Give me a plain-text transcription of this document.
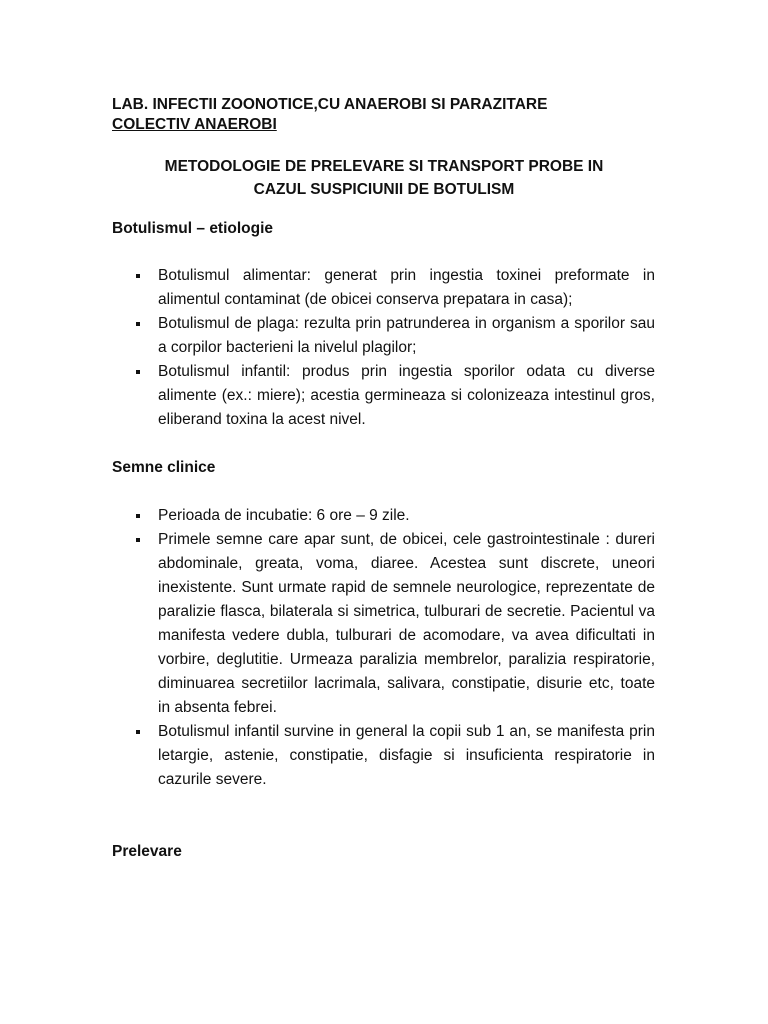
LAB. INFECTII ZOONOTICE,CU ANAEROBI SI PARAZITARE
COLECTIV ANAEROBI
METODOLOGIE DE PRELEVARE SI TRANSPORT PROBE IN
CAZUL SUSPICIUNII DE BOTULISM
Botulismul – etiologie
Botulismul alimentar: generat prin ingestia toxinei preformate in alimentul contaminat (de obicei conserva prepatara in casa);
Botulismul de plaga: rezulta prin patrunderea in organism a sporilor sau a corpilor bacterieni la nivelul plagilor;
Botulismul infantil: produs prin ingestia sporilor odata cu diverse alimente (ex.: miere); acestia germineaza si colonizeaza intestinul gros, eliberand toxina la acest nivel.
Semne clinice
Perioada de incubatie: 6 ore – 9 zile.
Primele semne care apar sunt, de obicei, cele gastrointestinale : dureri abdominale, greata, voma, diaree. Acestea sunt discrete, uneori inexistente. Sunt urmate rapid de semnele neurologice, reprezentate de paralizie flasca, bilaterala si simetrica, tulburari de secretie. Pacientul va manifesta vedere dubla, tulburari de acomodare, va avea dificultati in vorbire, deglutitie. Urmeaza paralizia membrelor, paralizia respiratorie, diminuarea secretiilor lacrimala, salivara, constipatie, disurie etc, toate in absenta febrei.
Botulismul infantil survine in general la copii sub 1 an, se manifesta prin letargie, astenie, constipatie, disfagie si insuficienta respiratorie in cazurile severe.
Prelevare
